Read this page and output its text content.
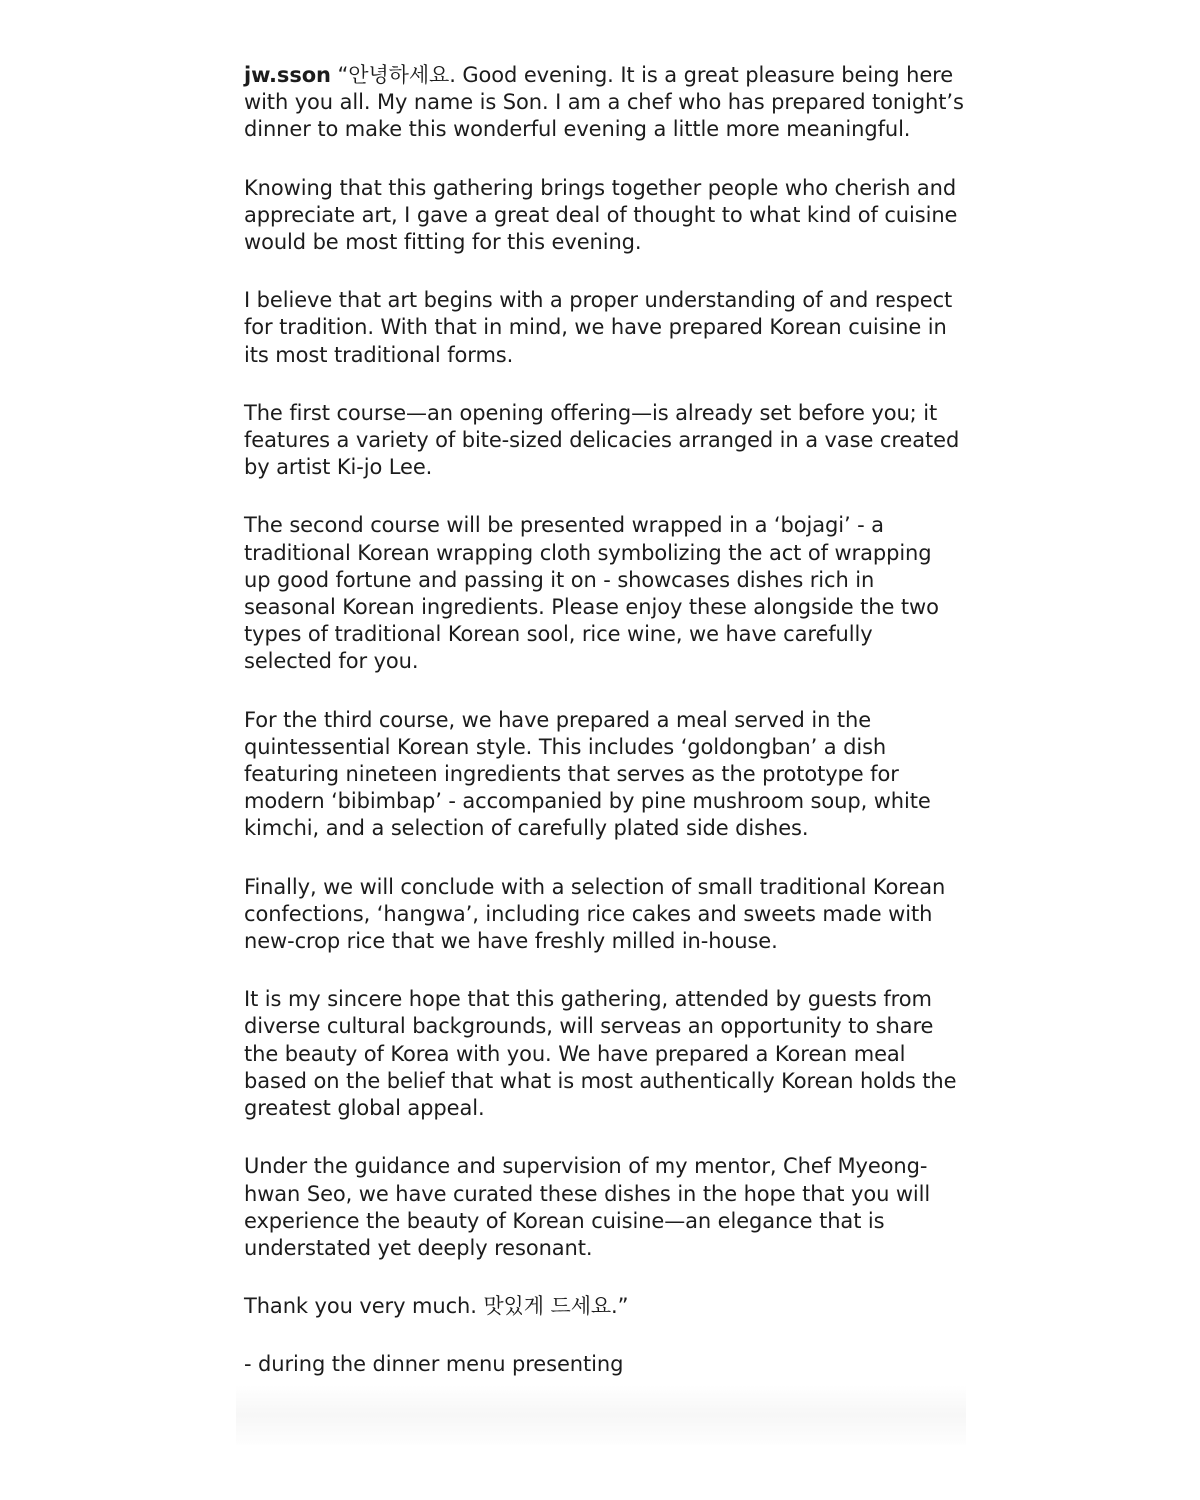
jw.sson “안녕하세요. Good evening. It is a great pleasure being here with you all. My name is Son. I am a chef who has prepared tonight’s dinner to make this wonderful evening a little more meaningful.

Knowing that this gathering brings together people who cherish and appreciate art, I gave a great deal of thought to what kind of cuisine would be most fitting for this evening.

I believe that art begins with a proper understanding of and respect for tradition. With that in mind, we have prepared Korean cuisine in its most traditional forms.

The first course—an opening offering—is already set before you; it features a variety of bite-sized delicacies arranged in a vase created by artist Ki-jo Lee.

The second course will be presented wrapped in a ‘bojagi’ - a traditional Korean wrapping cloth symbolizing the act of wrapping up good fortune and passing it on - showcases dishes rich in seasonal Korean ingredients. Please enjoy these alongside the two types of traditional Korean sool, rice wine, we have carefully selected for you.

For the third course, we have prepared a meal served in the quintessential Korean style. This includes ‘goldongban’ a dish featuring nineteen ingredients that serves as the prototype for modern ‘bibimbap’ - accompanied by pine mushroom soup, white kimchi, and a selection of carefully plated side dishes.

Finally, we will conclude with a selection of small traditional Korean confections, ‘hangwa’, including rice cakes and sweets made with new-crop rice that we have freshly milled in-house.

It is my sincere hope that this gathering, attended by guests from diverse cultural backgrounds, will serveas an opportunity to share the beauty of Korea with you. We have prepared a Korean meal based on the belief that what is most authentically Korean holds the greatest global appeal.

Under the guidance and supervision of my mentor, Chef Myeong-hwan Seo, we have curated these dishes in the hope that you will experience the beauty of Korean cuisine—an elegance that is understated yet deeply resonant.

Thank you very much. 맛있게 드세요.”

- during the dinner menu presenting
